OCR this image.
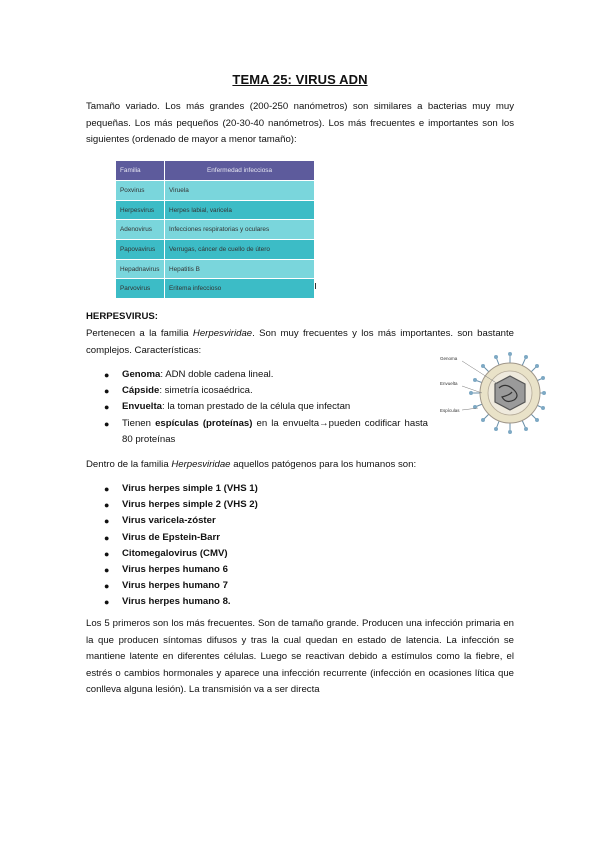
TEMA 25: VIRUS ADN

Tamaño variado. Los más grandes (200-250 nanómetros) son similares a bacterias muy muy pequeñas. Los más pequeños (20-30-40 nanómetros). Los más frecuentes e importantes son los siguientes (ordenado de mayor a menor tamaño):

Familia	Enfermedad infecciosa
Poxvirus	Viruela
Herpesvirus	Herpes labial, varicela
Adenovirus	Infecciones respiratorias y oculares
Papovavirus	Verrugas, cáncer de cuello de útero
Hepadnavirus	Hepatitis B
Parvovirus	Eritema infeccioso
HERPESVIRUS:

Pertenecen a la familia Herpesviridae. Son muy frecuentes y los más importantes. son bastante complejos. Características:

● Genoma: ADN doble cadena lineal.
● Cápside: simetría icosaédrica.
● Envuelta: la toman prestado de la célula que infectan
● Tienen espículas (proteínas) en la envuelta→pueden codificar hasta 80 proteínas
Genoma
Envuelta
Espículas

Dentro de la familia Herpesviridae aquellos patógenos para los humanos son:

● Virus herpes simple 1 (VHS 1)
● Virus herpes simple 2 (VHS 2)
● Virus varicela-zóster
● Virus de Epstein-Barr
● Citomegalovirus (CMV)
● Virus herpes humano 6
● Virus herpes humano 7
● Virus herpes humano 8.

Los 5 primeros son los más frecuentes. Son de tamaño grande. Producen una infección primaria en la que producen síntomas difusos y tras la cual quedan en estado de latencia. La infección se mantiene latente en diferentes células. Luego se reactivan debido a estímulos como la fiebre, el estrés o cambios hormonales y aparece una infección recurrente (infección en ocasiones lítica que conlleva alguna lesión). La transmisión va a ser directa
